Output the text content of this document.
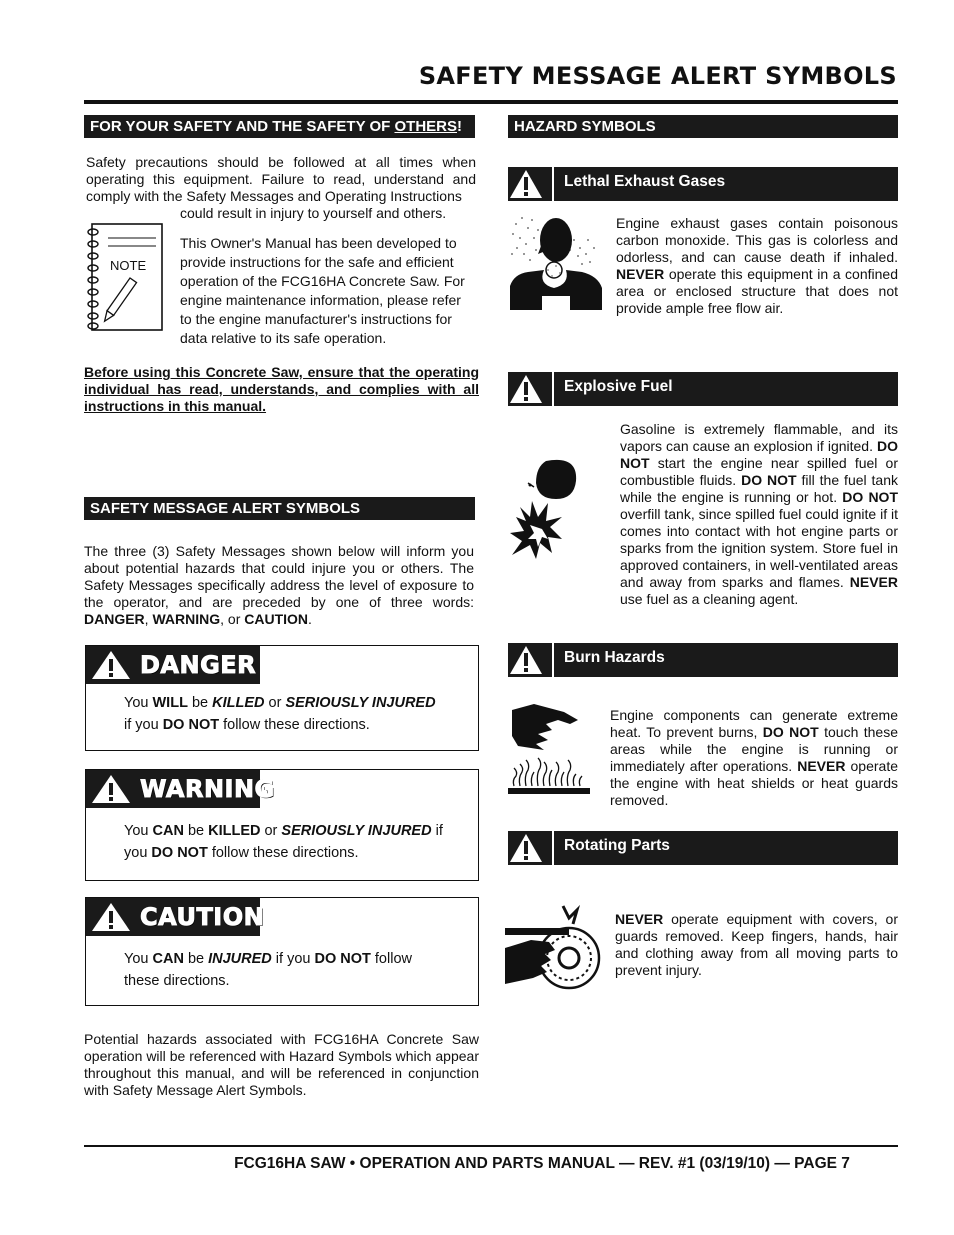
SAFETY MESSAGE ALERT SYMBOLS
FOR YOUR SAFETY AND THE SAFETY OF OTHERS!
Safety precautions should be followed at all times when operating this equipment. Failure to read, understand and comply with the Safety Messages and Operating Instructions
could result in injury to yourself and others.
NOTE
This Owner's Manual has been developed to provide instructions for the safe and efficient operation of the FCG16HA Concrete Saw. For engine maintenance information, please refer to the engine manufacturer's instructions for data relative to its safe operation.
Before using this Concrete Saw, ensure that the operating individual has read, understands, and complies with all instructions in this manual.
SAFETY MESSAGE ALERT SYMBOLS
The three (3) Safety Messages shown below will inform you about potential hazards that could injure you or others. The Safety Messages specifically address the level of exposure to the operator, and are preceded by one of three words: DANGER, WARNING, or CAUTION.
DANGER
You WILL be KILLED or SERIOUSLY INJURED
if you DO NOT follow these directions.
WARNING
You CAN be KILLED or SERIOUSLY INJURED if
you DO NOT follow these directions.
CAUTION
You CAN be INJURED if you DO NOT follow
these directions.
Potential hazards associated with FCG16HA Concrete Saw operation will be referenced with Hazard Symbols which appear throughout this manual, and will be referenced in conjunction with Safety Message Alert Symbols.
HAZARD SYMBOLS
Lethal Exhaust Gases
Engine exhaust gases contain poisonous carbon monoxide. This gas is colorless and odorless, and can cause death if inhaled. NEVER operate this equipment in a confined area or enclosed structure that does not provide ample free flow air.
Explosive Fuel
Gasoline is extremely flammable, and its vapors can cause an explosion if ignited. DO NOT start the engine near spilled fuel or combustible fluids. DO NOT fill the fuel tank while the engine is running or hot. DO NOT overfill tank, since spilled fuel could ignite if it comes into contact with hot engine parts or sparks from the ignition system. Store fuel in approved containers, in well-ventilated areas and away from sparks and flames. NEVER use fuel as a cleaning agent.
Burn Hazards
Engine components can generate extreme heat. To prevent burns, DO NOT touch these areas while the engine is running or immediately after operations. NEVER operate the engine with heat shields or heat guards removed.
Rotating Parts
NEVER operate equipment with covers, or guards removed. Keep fingers, hands, hair and clothing away from all moving parts to prevent injury.
FCG16HA SAW • OPERATION AND PARTS MANUAL — REV. #1 (03/19/10) — PAGE 7
